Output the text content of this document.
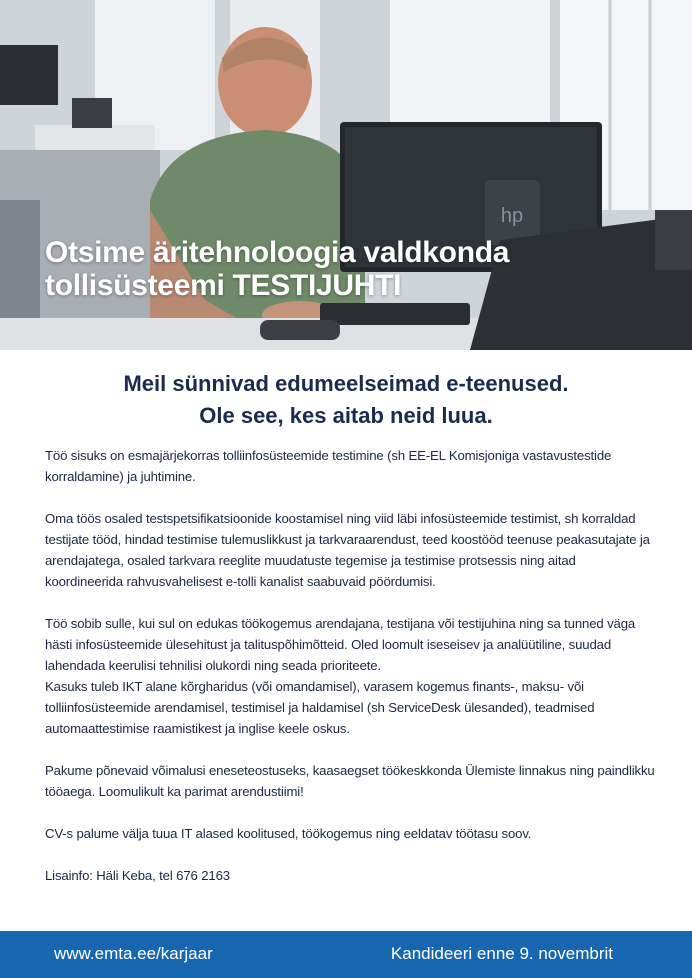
hp
Otsime äritehnoloogia valdkonda
tollisüsteemi TESTIJUHTI
Meil sünnivad edumeelseimad e-teenused.
Ole see, kes aitab neid luua.

Töö sisuks on esmajärjekorras tolliinfosüsteemide testimine (sh EE-EL Komisjoniga vastavustestide korraldamine) ja juhtimine.

Oma töös osaled testspetsifikatsioonide koostamisel ning viid läbi infosüsteemide testimist, sh korraldad testijate tööd, hindad testimise tulemuslikkust ja tarkvaraarendust, teed koostööd teenuse peakasutajate ja arendajatega, osaled tarkvara reeglite muudatuste tegemise ja testimise protsessis ning aitad koordineerida rahvusvahelisest e-tolli kanalist saabuvaid pöördumisi.

Töö sobib sulle, kui sul on edukas töökogemus arendajana, testijana või testijuhina ning sa tunned väga hästi infosüsteemide ülesehitust ja talituspõhimõtteid. Oled loomult iseseisev ja analüütiline, suudad lahendada keerulisi tehnilisi olukordi ning seada prioriteete.

Kasuks tuleb IKT alane kõrgharidus (või omandamisel), varasem kogemus finants-, maksu- või tolliinfosüsteemide arendamisel, testimisel ja haldamisel (sh ServiceDesk ülesanded), teadmised automaattestimise raamistikest ja inglise keele oskus.

Pakume põnevaid võimalusi eneseteostuseks, kaasaegset töökeskkonda Ülemiste linnakus ning paindlikku tööaega. Loomulikult ka parimat arendustiimi!

CV-s palume välja tuua IT alased koolitused, töökogemus ning eeldatav töötasu soov.

Lisainfo: Häli Keba, tel 676 2163

www.emta.ee/karjaar	Kandideeri enne 9. novembrit
